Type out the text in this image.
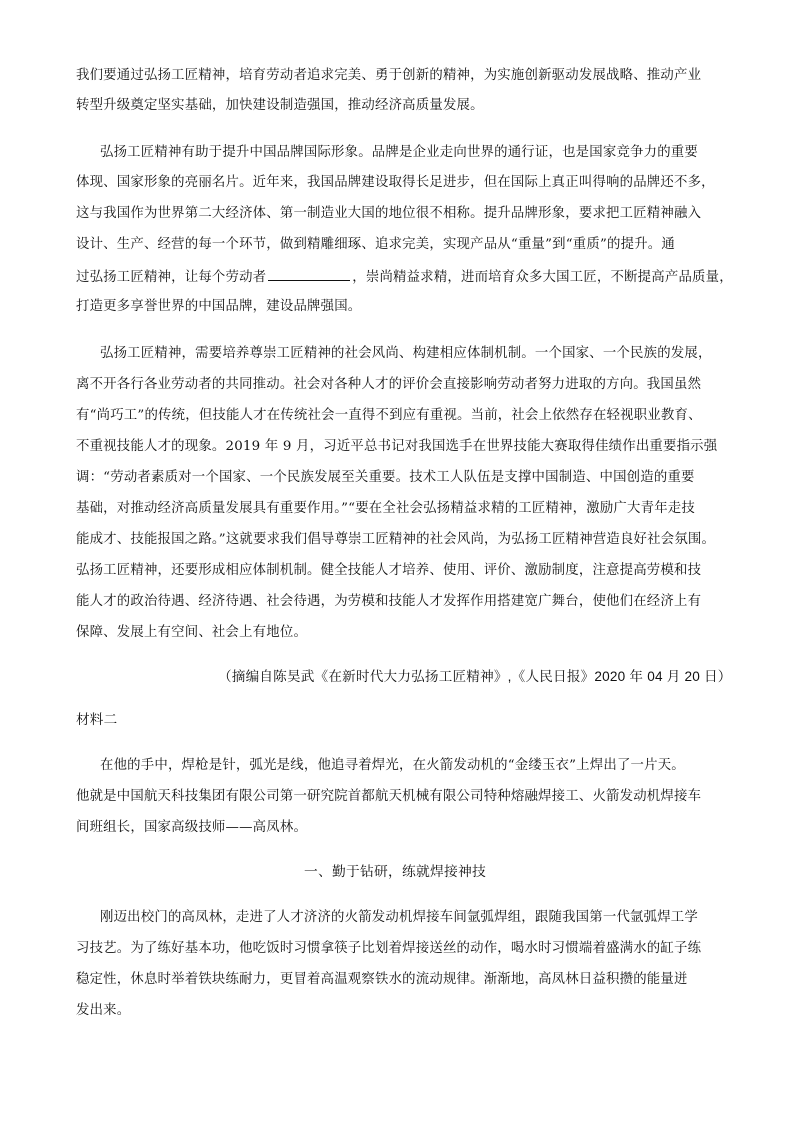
我们要通过弘扬工匠精神，培育劳动者追求完美、勇于创新的精神，为实施创新驱动发展战略、推动产业
转型升级奠定坚实基础，加快建设制造强国，推动经济高质量发展。
弘扬工匠精神有助于提升中国品牌国际形象。品牌是企业走向世界的通行证，也是国家竞争力的重要
体现、国家形象的亮丽名片。近年来，我国品牌建设取得长足进步，但在国际上真正叫得响的品牌还不多，
这与我国作为世界第二大经济体、第一制造业大国的地位很不相称。提升品牌形象，要求把工匠精神融入
设计、生产、经营的每一个环节，做到精雕细琢、追求完美，实现产品从“重量”到“重质”的提升。通
过弘扬工匠精神，让每个劳动者	，崇尚精益求精，进而培育众多大国工匠，不断提高产品质量，
打造更多享誉世界的中国品牌，建设品牌强国。
弘扬工匠精神，需要培养尊崇工匠精神的社会风尚、构建相应体制机制。一个国家、一个民族的发展，
离不开各行各业劳动者的共同推动。社会对各种人才的评价会直接影响劳动者努力进取的方向。我国虽然
有“尚巧工”的传统，但技能人才在传统社会一直得不到应有重视。当前，社会上依然存在轻视职业教育、
不重视技能人才的现象。2019 年 9 月，习近平总书记对我国选手在世界技能大赛取得佳绩作出重要指示强
调：“劳动者素质对一个国家、一个民族发展至关重要。技术工人队伍是支撑中国制造、中国创造的重要
基础，对推动经济高质量发展具有重要作用。”“要在全社会弘扬精益求精的工匠精神，激励广大青年走技
能成才、技能报国之路。”这就要求我们倡导尊崇工匠精神的社会风尚，为弘扬工匠精神营造良好社会氛围。
弘扬工匠精神，还要形成相应体制机制。健全技能人才培养、使用、评价、激励制度，注意提高劳模和技
能人才的政治待遇、经济待遇、社会待遇，为劳模和技能人才发挥作用搭建宽广舞台，使他们在经济上有
保障、发展上有空间、社会上有地位。
（摘编自陈昊武《在新时代大力弘扬工匠精神》,《人民日报》2020 年 04 月 20 日）
材料二
在他的手中，焊枪是针，弧光是线，他追寻着焊光，在火箭发动机的“金缕玉衣”上焊出了一片天。
他就是中国航天科技集团有限公司第一研究院首都航天机械有限公司特种熔融焊接工、火箭发动机焊接车
间班组长，国家高级技师——高凤林。
一、勤于钻研，练就焊接神技
刚迈出校门的高凤林，走进了人才济济的火箭发动机焊接车间氩弧焊组，跟随我国第一代氩弧焊工学
习技艺。为了练好基本功，他吃饭时习惯拿筷子比划着焊接送丝的动作，喝水时习惯端着盛满水的缸子练
稳定性，休息时举着铁块练耐力，更冒着高温观察铁水的流动规律。渐渐地，高凤林日益积攒的能量迸
发出来。
